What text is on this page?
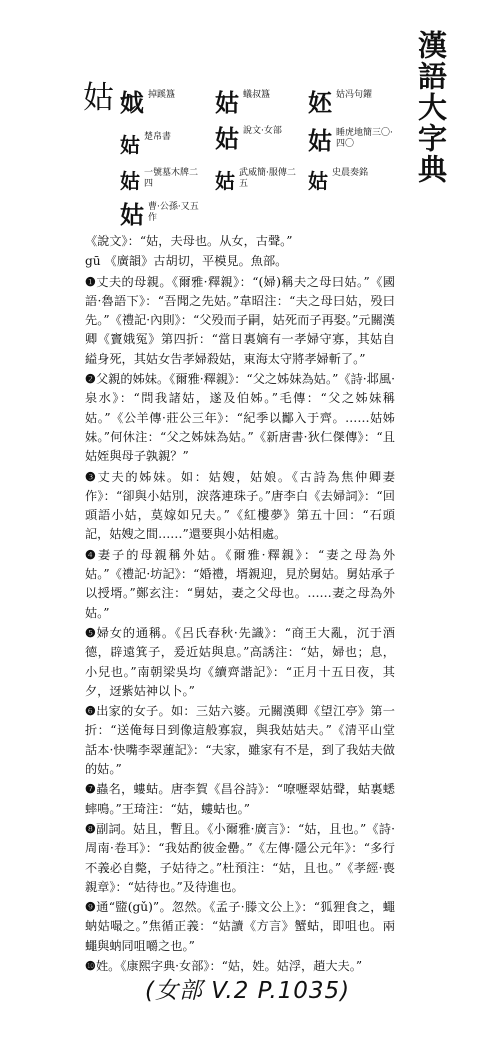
漢語大字典
姑 𡛟 掉蹊簋 姑 蟻叔簋 㚰 姑冯句鑃
姑 楚帛書 姑 說文·女部 姑 睡虎地簡三〇·四〇
姑 一號墓木牌二四	姑 武威簡·服傳二五	姑 史晨奏銘
姑 曹·公孫·又五作

《說文》：“姑，夫母也。从女，古聲。”

gū 《廣韻》古胡切，平模見。魚部。

❶丈夫的母親。《爾雅·釋親》：“(婦)稱夫之母曰姑。”《國語·魯語下》：“吾聞之先姑。”韋昭注：“夫之母曰姑，殁曰先。”《禮記·內則》：“父殁而子嗣，姑死而子再娶。”元關漢卿《竇娥冤》第四折：“當日裏嫡有一孝婦守寡，其姑自縊身死，其姑女告孝婦殺姑，東海太守將孝婦斬了。”

❷父親的姊妹。《爾雅·釋親》：“父之姊妹為姑。”《詩·邶風·泉水》：“問我諸姑，遂及伯姊。”毛傳：“父之姊妹稱姑。”《公羊傳·莊公三年》：“紀季以酅入于齊。……姑姊妹。”何休注：“父之姊妹為姑。”《新唐書·狄仁傑傳》：“且姑姪與母子孰親？”

❸丈夫的姊妹。如：姑嫂，姑娘。《古詩為焦仲卿妻作》：“卻與小姑別，淚落連珠子。”唐李白《去婦詞》：“回頭語小姑，莫嫁如兄夫。”《紅樓夢》第五十回：“石頭記，姑嫂之間……”還要與小姑相處。

❹妻子的母親稱外姑。《爾雅·釋親》：“妻之母為外姑。”《禮記·坊記》：“婚禮，壻親迎，見於舅姑。舅姑承子以授壻。”鄭玄注：“舅姑，妻之父母也。……妻之母為外姑。”

❺婦女的通稱。《呂氏春秋·先識》：“商王大亂，沉于酒德，辟遠箕子，爰近姑與息。”高誘注：“姑，婦也；息，小兒也。”南朝梁吳均《續齊諧記》：“正月十五日夜，其夕，迓紫姑神以卜。”

❻出家的女子。如：三姑六婆。元關漢卿《望江亭》第一折：“送俺每日到像這般寡寂，與我姑姑夫。”《清平山堂話本·快嘴李翠蓮記》：“夫家，雖家有不是，到了我姑夫做的姑。”

❼蟲名，螻蛄。唐李賀《昌谷詩》：“嘹嚦翠姑聲，蛄裏蟋蟀鳴。”王琦注：“姑，螻蛄也。”

❽副詞。姑且，暫且。《小爾雅·廣言》：“姑，且也。”《詩·周南·卷耳》：“我姑酌彼金罍。”《左傳·隱公元年》：“多行不義必自斃，子姑待之。”杜預注：“姑，且也。”《孝經·喪親章》：“姑待也。”及待進也。

❾通“盬(gǔ)”。忽然。《孟子·滕文公上》：“狐狸食之，蠅蚋姑嘬之。”焦循正義：“姑讀《方言》蟹蛄，即咀也。兩蠅與蚋同咀嚼之也。”

❿姓。《康熙字典·女部》：“姑，姓。姑浮，趙大夫。”

(女部 V.2 P.1035)
